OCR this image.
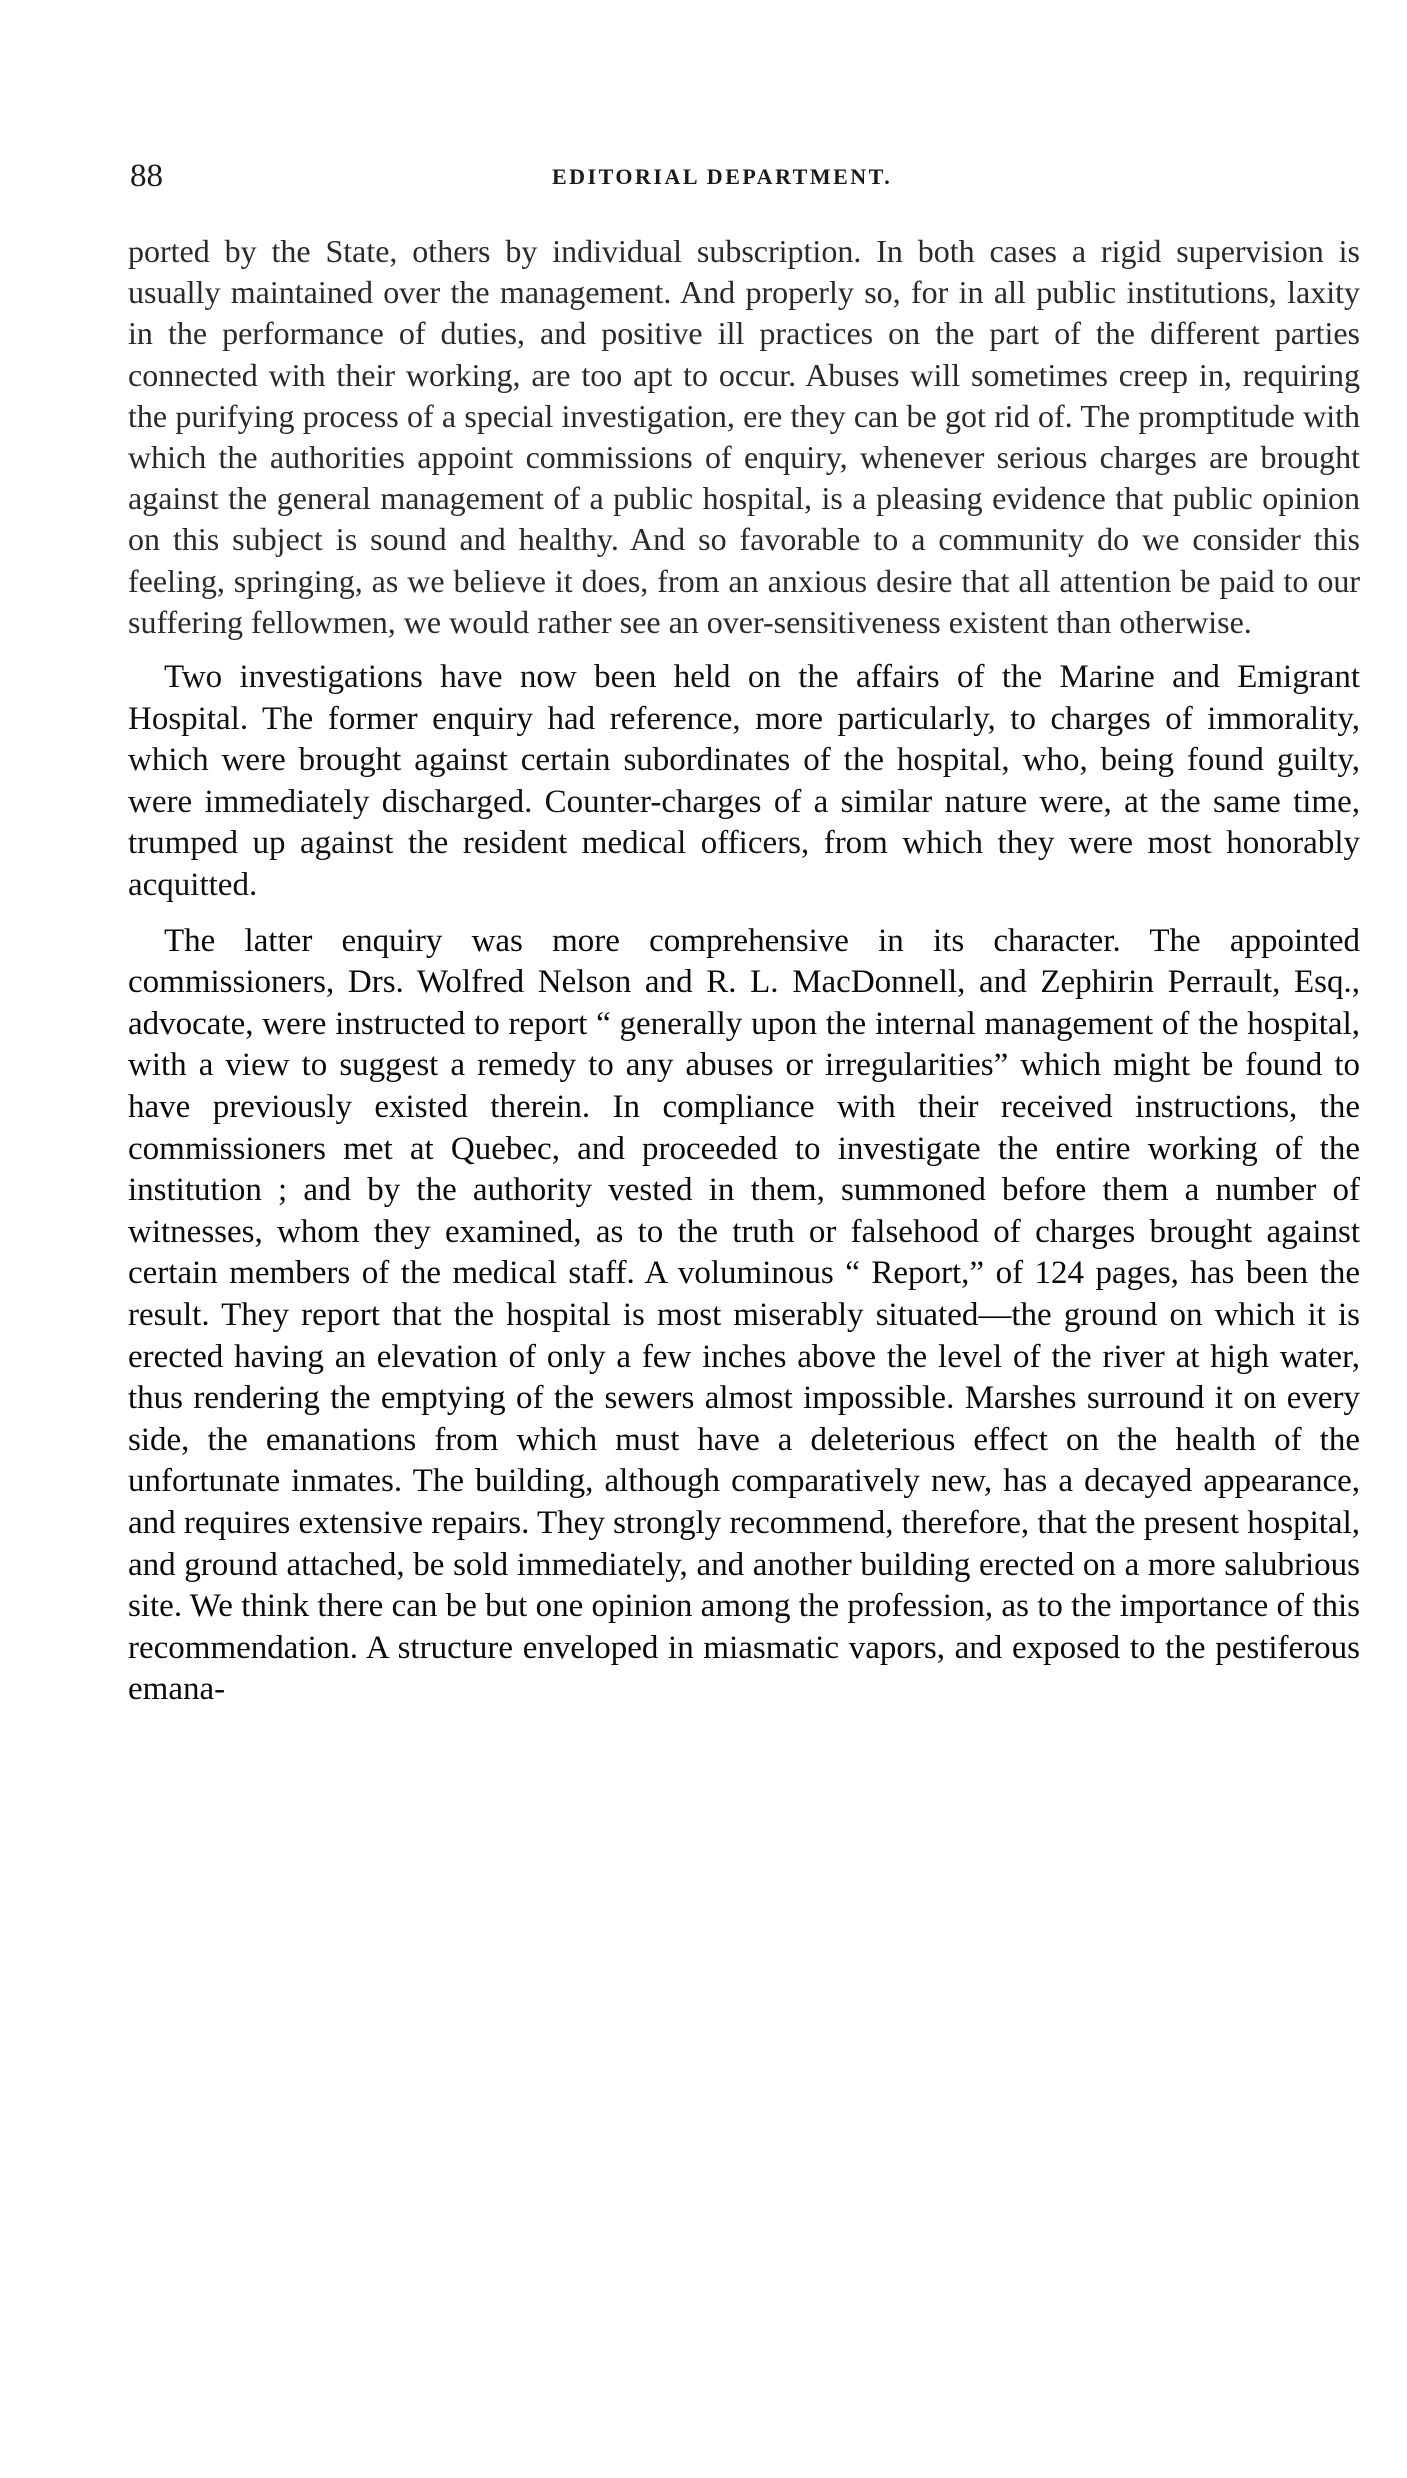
88	EDITORIAL DEPARTMENT.

ported by the State, others by individual subscription. In both cases a rigid supervision is usually maintained over the management. And properly so, for in all public institutions, laxity in the performance of duties, and positive ill practices on the part of the different parties connected with their working, are too apt to occur. Abuses will sometimes creep in, requiring the purifying process of a special investigation, ere they can be got rid of. The promptitude with which the authorities appoint commissions of enquiry, whenever serious charges are brought against the general management of a public hospital, is a pleasing evidence that public opinion on this subject is sound and healthy. And so favorable to a community do we consider this feeling, springing, as we believe it does, from an anxious desire that all attention be paid to our suffering fellowmen, we would rather see an over-sensitiveness existent than otherwise.

Two investigations have now been held on the affairs of the Marine and Emigrant Hospital. The former enquiry had reference, more particularly, to charges of immorality, which were brought against certain subordinates of the hospital, who, being found guilty, were immediately discharged. Counter-charges of a similar nature were, at the same time, trumped up against the resident medical officers, from which they were most honorably acquitted.

The latter enquiry was more comprehensive in its character. The appointed commissioners, Drs. Wolfred Nelson and R. L. MacDonnell, and Zephirin Perrault, Esq., advocate, were instructed to report “ generally upon the internal management of the hospital, with a view to suggest a remedy to any abuses or irregularities” which might be found to have previously existed therein. In compliance with their received instructions, the commissioners met at Quebec, and proceeded to investigate the entire working of the institution ; and by the authority vested in them, summoned before them a number of witnesses, whom they examined, as to the truth or falsehood of charges brought against certain members of the medical staff. A voluminous “ Report,” of 124 pages, has been the result. They report that the hospital is most miserably situated—the ground on which it is erected having an elevation of only a few inches above the level of the river at high water, thus rendering the emptying of the sewers almost impossible. Marshes surround it on every side, the emanations from which must have a deleterious effect on the health of the unfortunate inmates. The building, although comparatively new, has a decayed appearance, and requires extensive repairs. They strongly recommend, therefore, that the present hospital, and ground attached, be sold immediately, and another building erected on a more salubrious site. We think there can be but one opinion among the profession, as to the importance of this recommendation. A structure enveloped in miasmatic vapors, and exposed to the pestiferous emana-
